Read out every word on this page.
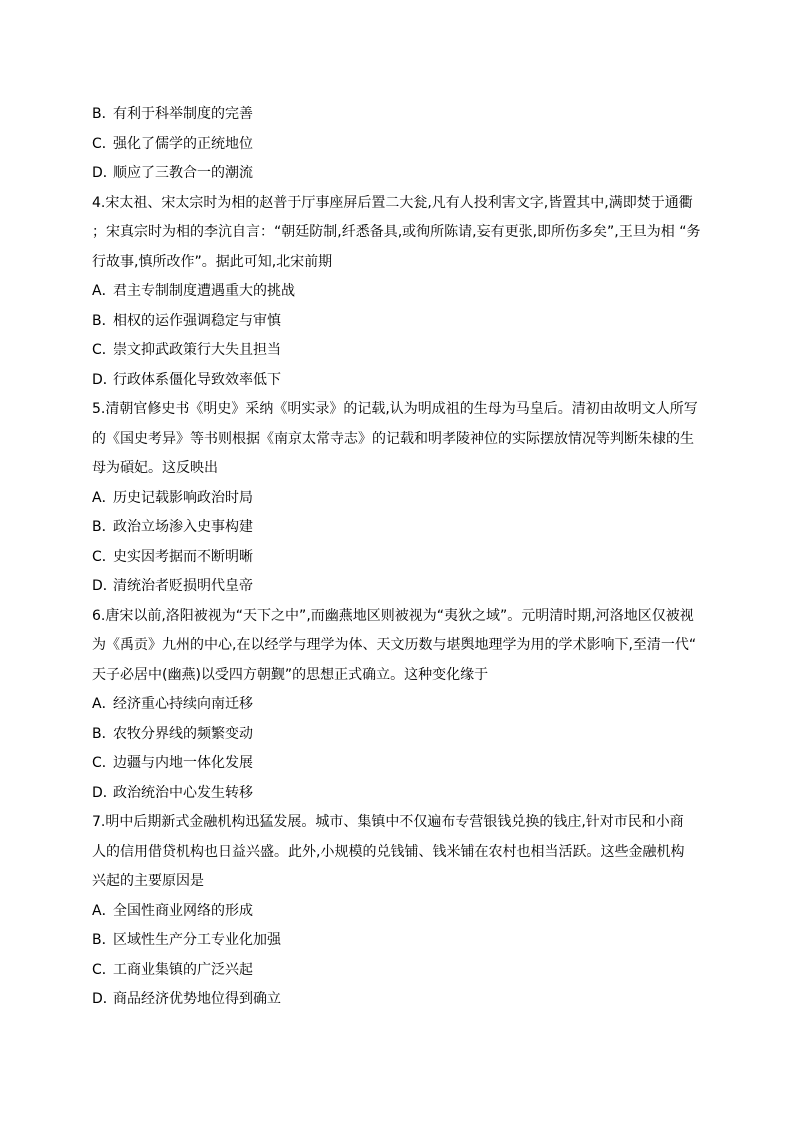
B．有利于科举制度的完善
C．强化了儒学的正统地位
D．顺应了三教合一的潮流
4.宋太祖、宋太宗时为相的赵普于厅事座屏后置二大瓮,凡有人投利害文字,皆置其中,满即焚于通衢
；宋真宗时为相的李沆自言：“朝廷防制,纤悉备具,或徇所陈请,妄有更张,即所伤多矣”,王旦为相 “务
行故事,慎所改作”。据此可知,北宋前期
A．君主专制制度遭遇重大的挑战
B．相权的运作强调稳定与审慎
C．崇文抑武政策行大失且担当
D．行政体系僵化导致效率低下
5.清朝官修史书《明史》采纳《明实录》的记载,认为明成祖的生母为马皇后。清初由故明文人所写
的《国史考异》等书则根据《南京太常寺志》的记载和明孝陵神位的实际摆放情况等判断朱棣的生
母为碽妃。这反映出
A．历史记载影响政治时局
B．政治立场渗入史事构建
C．史实因考据而不断明晰
D．清统治者贬损明代皇帝
6.唐宋以前,洛阳被视为“天下之中”,而幽燕地区则被视为“夷狄之域”。元明清时期,河洛地区仅被视
为《禹贡》九州的中心,在以经学与理学为体、天文历数与堪舆地理学为用的学术影响下,至清一代“
天子必居中(幽燕)以受四方朝觐”的思想正式确立。这种变化缘于
A．经济重心持续向南迁移
B．农牧分界线的频繁变动
C．边疆与内地一体化发展
D．政治统治中心发生转移
7.明中后期新式金融机构迅猛发展。城市、集镇中不仅遍布专营银钱兑换的钱庄,针对市民和小商
人的信用借贷机构也日益兴盛。此外,小规模的兑钱铺、钱米铺在农村也相当活跃。这些金融机构
兴起的主要原因是
A．全国性商业网络的形成
B．区域性生产分工专业化加强
C．工商业集镇的广泛兴起
D．商品经济优势地位得到确立
